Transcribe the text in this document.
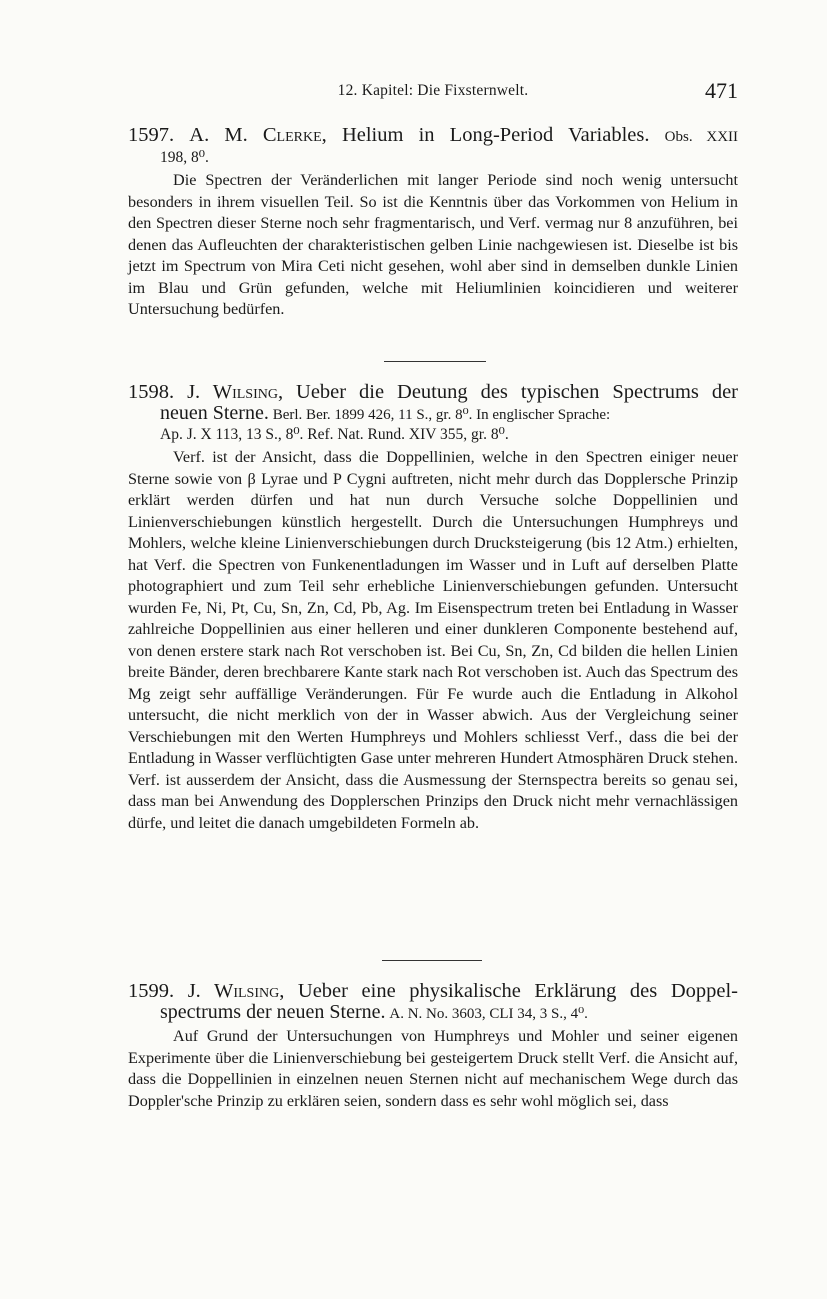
12. Kapitel: Die Fixsternwelt.	471

1597. A. M. Clerke, Helium in Long-Period Variables. Obs. XXII

198, 8⁰.

Die Spectren der Veränderlichen mit langer Periode sind noch wenig untersucht besonders in ihrem visuellen Teil. So ist die Kenntnis über das Vorkommen von Helium in den Spectren dieser Sterne noch sehr fragmentarisch, und Verf. vermag nur 8 anzuführen, bei denen das Aufleuchten der charakteristischen gelben Linie nachgewiesen ist. Dieselbe ist bis jetzt im Spectrum von Mira Ceti nicht gesehen, wohl aber sind in demselben dunkle Linien im Blau und Grün gefunden, welche mit Heliumlinien koincidieren und weiterer Untersuchung bedürfen.

1598. J. Wilsing, Ueber die Deutung des typischen Spectrums der

neuen Sterne. Berl. Ber. 1899 426, 11 S., gr. 8⁰. In englischer Sprache:

Ap. J. X 113, 13 S., 8⁰. Ref. Nat. Rund. XIV 355, gr. 8⁰.

Verf. ist der Ansicht, dass die Doppellinien, welche in den Spectren einiger neuer Sterne sowie von β Lyrae und P Cygni auftreten, nicht mehr durch das Dopplersche Prinzip erklärt werden dürfen und hat nun durch Versuche solche Doppellinien und Linienverschiebungen künstlich hergestellt. Durch die Untersuchungen Humphreys und Mohlers, welche kleine Linienverschiebungen durch Drucksteigerung (bis 12 Atm.) erhielten, hat Verf. die Spectren von Funkenentladungen im Wasser und in Luft auf derselben Platte photographiert und zum Teil sehr erhebliche Linienverschiebungen gefunden. Untersucht wurden Fe, Ni, Pt, Cu, Sn, Zn, Cd, Pb, Ag. Im Eisenspectrum treten bei Entladung in Wasser zahlreiche Doppellinien aus einer helleren und einer dunkleren Componente bestehend auf, von denen erstere stark nach Rot verschoben ist. Bei Cu, Sn, Zn, Cd bilden die hellen Linien breite Bänder, deren brechbarere Kante stark nach Rot verschoben ist. Auch das Spectrum des Mg zeigt sehr auffällige Veränderungen. Für Fe wurde auch die Entladung in Alkohol untersucht, die nicht merklich von der in Wasser abwich. Aus der Vergleichung seiner Verschiebungen mit den Werten Humphreys und Mohlers schliesst Verf., dass die bei der Entladung in Wasser verflüchtigten Gase unter mehreren Hundert Atmosphären Druck stehen. Verf. ist ausserdem der Ansicht, dass die Ausmessung der Sternspectra bereits so genau sei, dass man bei Anwendung des Dopplerschen Prinzips den Druck nicht mehr vernachlässigen dürfe, und leitet die danach umgebildeten Formeln ab.

1599. J. Wilsing, Ueber eine physikalische Erklärung des Doppel-

spectrums der neuen Sterne. A. N. No. 3603, CLI 34, 3 S., 4⁰.

Auf Grund der Untersuchungen von Humphreys und Mohler und seiner eigenen Experimente über die Linienverschiebung bei gesteigertem Druck stellt Verf. die Ansicht auf, dass die Doppellinien in einzelnen neuen Sternen nicht auf mechanischem Wege durch das Doppler'sche Prinzip zu erklären seien, sondern dass es sehr wohl möglich sei, dass
